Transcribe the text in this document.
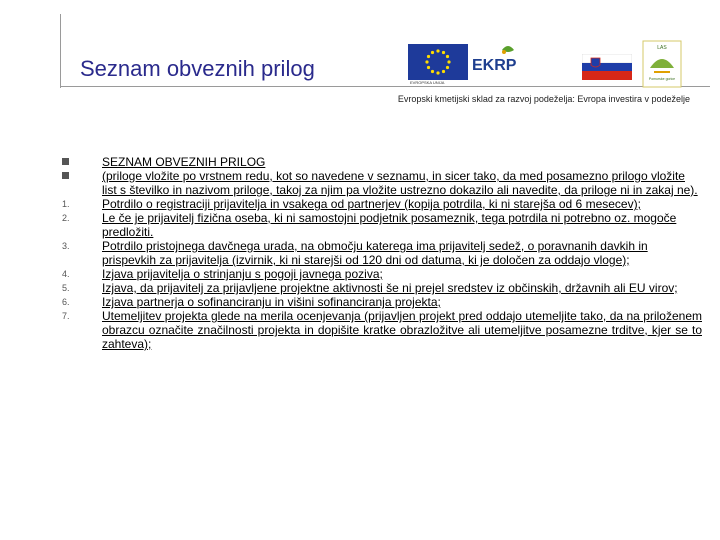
Seznam obveznih prilog
EVROPSKA UNIJA
EKRP
LAS
Pomurske gorice
Evropski kmetijski sklad za razvoj podeželja: Evropa investira v podeželje
SEZNAM OBVEZNIH PRILOG
(priloge vložite po vrstnem redu, kot so navedene v seznamu, in sicer tako, da med posamezno prilogo vložite list s številko in nazivom priloge, takoj za njim pa vložite ustrezno dokazilo ali navedite, da priloge ni in zakaj ne).
1.	Potrdilo o registraciji prijavitelja in vsakega od partnerjev (kopija potrdila, ki ni starejša od 6 mesecev);
2.	Le če je prijavitelj fizična oseba, ki ni samostojni podjetnik posameznik, tega potrdila ni potrebno oz. mogoče predložiti.
3.	Potrdilo pristojnega davčnega urada, na območju katerega ima prijavitelj sedež, o poravnanih davkih in prispevkih za prijavitelja (izvirnik, ki ni starejši od 120 dni od datuma, ki je določen za oddajo vloge);
4.	Izjava prijavitelja o strinjanju s pogoji javnega poziva;
5.	Izjava, da prijavitelj za prijavljene projektne aktivnosti še ni prejel sredstev iz občinskih, državnih ali EU virov;
6.	Izjava partnerja o sofinanciranju in višini sofinanciranja projekta;
7.	Utemeljitev projekta glede na merila ocenjevanja (prijavljen projekt pred oddajo utemeljite tako, da na priloženem obrazcu označite značilnosti projekta in dopišite kratke obrazložitve ali utemeljitve posamezne trditve, kjer se to zahteva);
